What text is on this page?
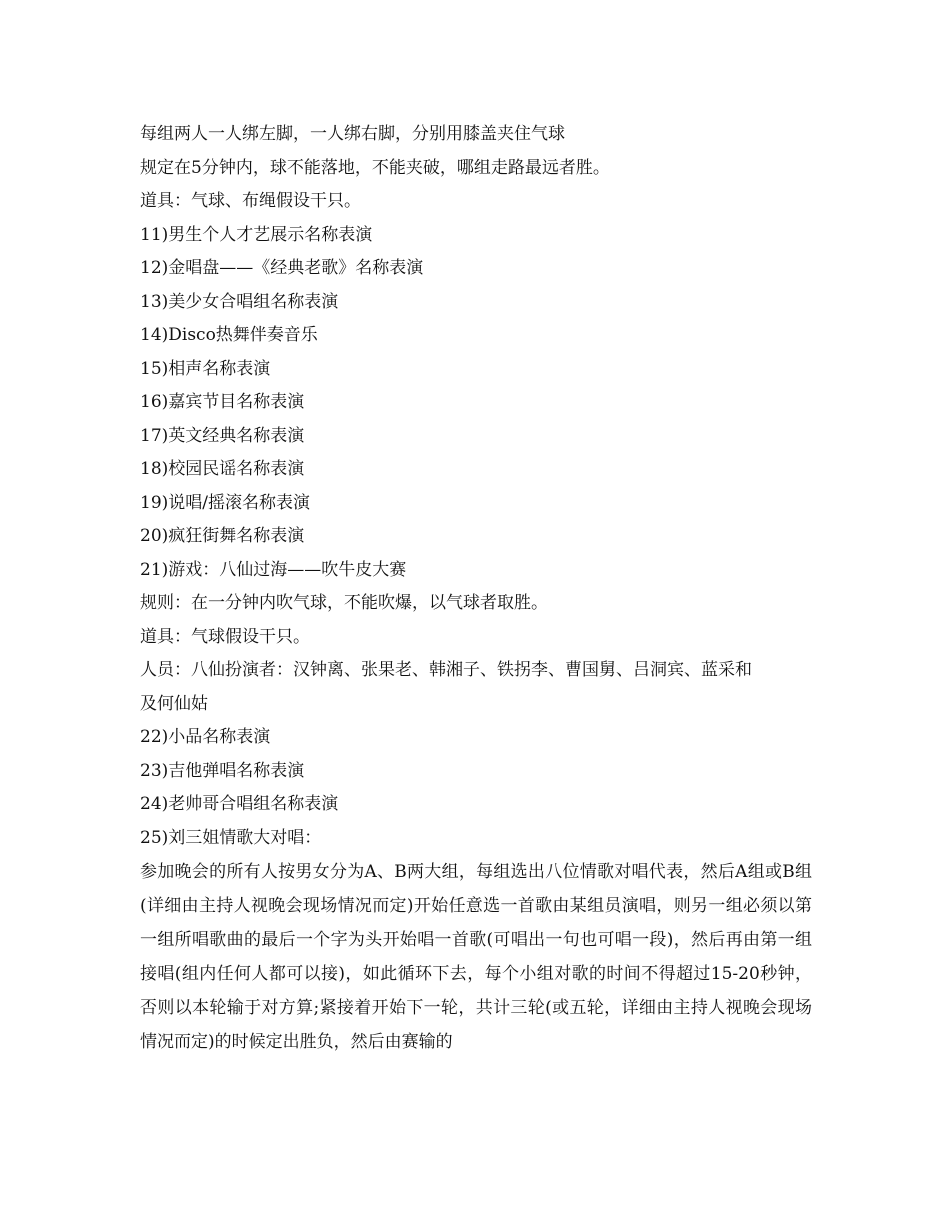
每组两人一人绑左脚，一人绑右脚，分别用膝盖夹住气球

规定在5分钟内，球不能落地，不能夹破，哪组走路最远者胜。

道具：气球、布绳假设干只。

11)男生个人才艺展示名称表演

12)金唱盘——《经典老歌》名称表演

13)美少女合唱组名称表演

14)Disco热舞伴奏音乐

15)相声名称表演

16)嘉宾节目名称表演

17)英文经典名称表演

18)校园民谣名称表演

19)说唱/摇滚名称表演

20)疯狂街舞名称表演

21)游戏：八仙过海——吹牛皮大赛

规则：在一分钟内吹气球，不能吹爆，以气球者取胜。

道具：气球假设干只。

人员：八仙扮演者：汉钟离、张果老、韩湘子、铁拐李、曹国舅、吕洞宾、蓝采和

及何仙姑

22)小品名称表演

23)吉他弹唱名称表演

24)老帅哥合唱组名称表演

25)刘三姐情歌大对唱：

参加晚会的所有人按男女分为A、B两大组，每组选出八位情歌对唱代表，然后A组或B组(详细由主持人视晚会现场情况而定)开始任意选一首歌由某组员演唱，则另一组必须以第一组所唱歌曲的最后一个字为头开始唱一首歌(可唱出一句也可唱一段)，然后再由第一组接唱(组内任何人都可以接)，如此循环下去，每个小组对歌的时间不得超过15-20秒钟，否则以本轮输于对方算;紧接着开始下一轮，共计三轮(或五轮，详细由主持人视晚会现场情况而定)的时候定出胜负，然后由赛输的
